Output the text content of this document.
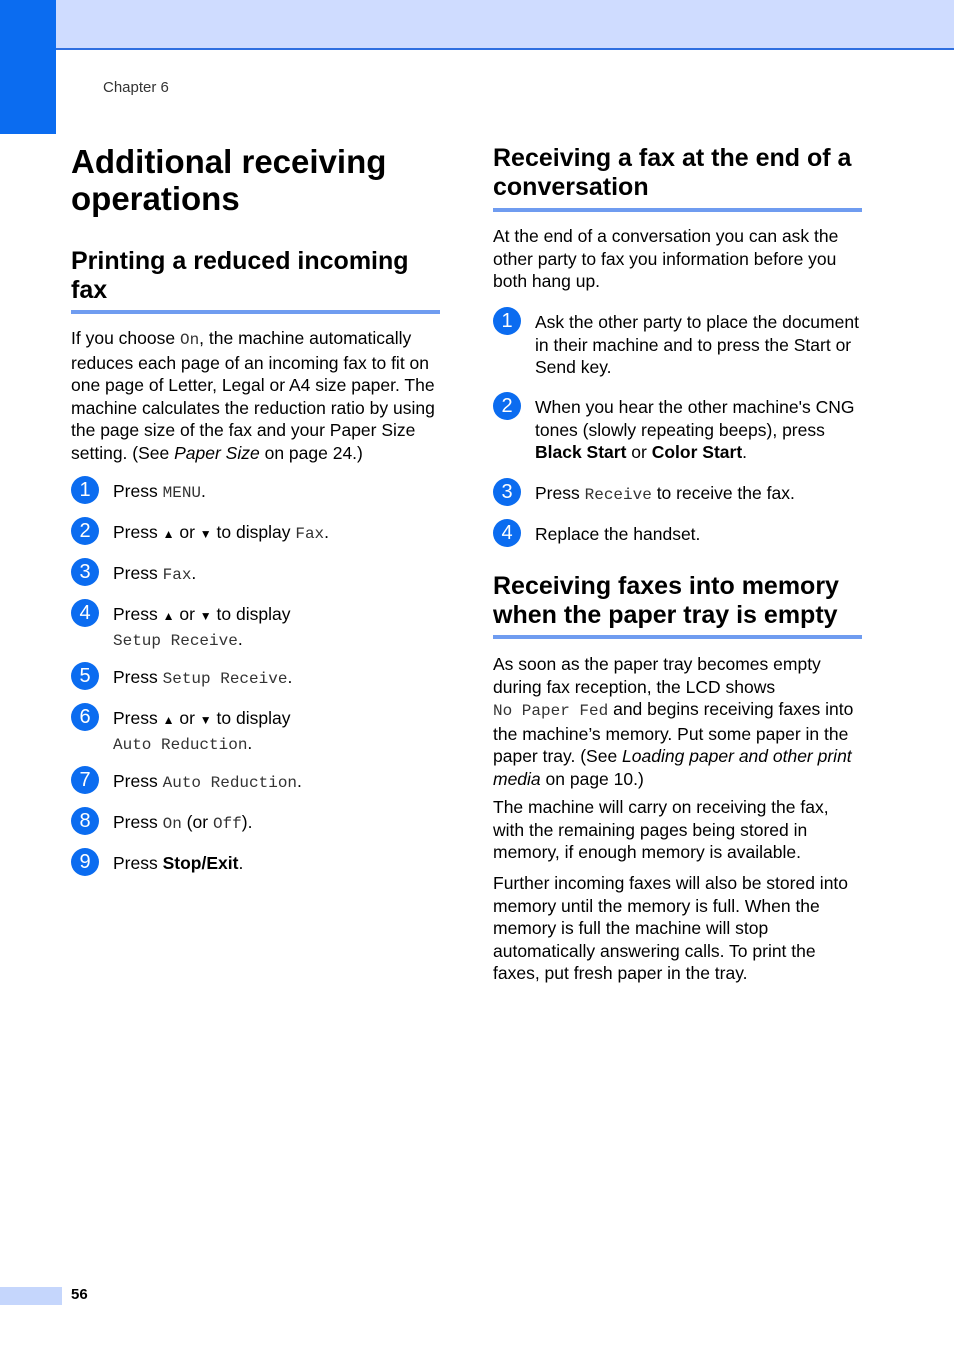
Chapter 6
Additional receiving operations
Printing a reduced incoming fax
If you choose On, the machine automatically reduces each page of an incoming fax to fit on one page of Letter, Legal or A4 size paper. The machine calculates the reduction ratio by using the page size of the fax and your Paper Size setting. (See Paper Size on page 24.)
1	Press MENU.
2	Press ▲ or ▼ to display Fax.
3	Press Fax.
4	Press ▲ or ▼ to display
Setup Receive.
5	Press Setup Receive.
6	Press ▲ or ▼ to display
Auto Reduction.
7	Press Auto Reduction.
8	Press On (or Off).
9	Press Stop/Exit.
Receiving a fax at the end of a conversation
At the end of a conversation you can ask the other party to fax you information before you both hang up.
1	Ask the other party to place the document in their machine and to press the Start or Send key.
2	When you hear the other machine's CNG tones (slowly repeating beeps), press Black Start or Color Start.
3	Press Receive to receive the fax.
4	Replace the handset.
Receiving faxes into memory when the paper tray is empty
As soon as the paper tray becomes empty during fax reception, the LCD shows
No Paper Fed and begins receiving faxes into the machine’s memory. Put some paper in the paper tray. (See Loading paper and other print media on page 10.)
The machine will carry on receiving the fax, with the remaining pages being stored in memory, if enough memory is available.
Further incoming faxes will also be stored into memory until the memory is full. When the memory is full the machine will stop automatically answering calls. To print the faxes, put fresh paper in the tray.
56
